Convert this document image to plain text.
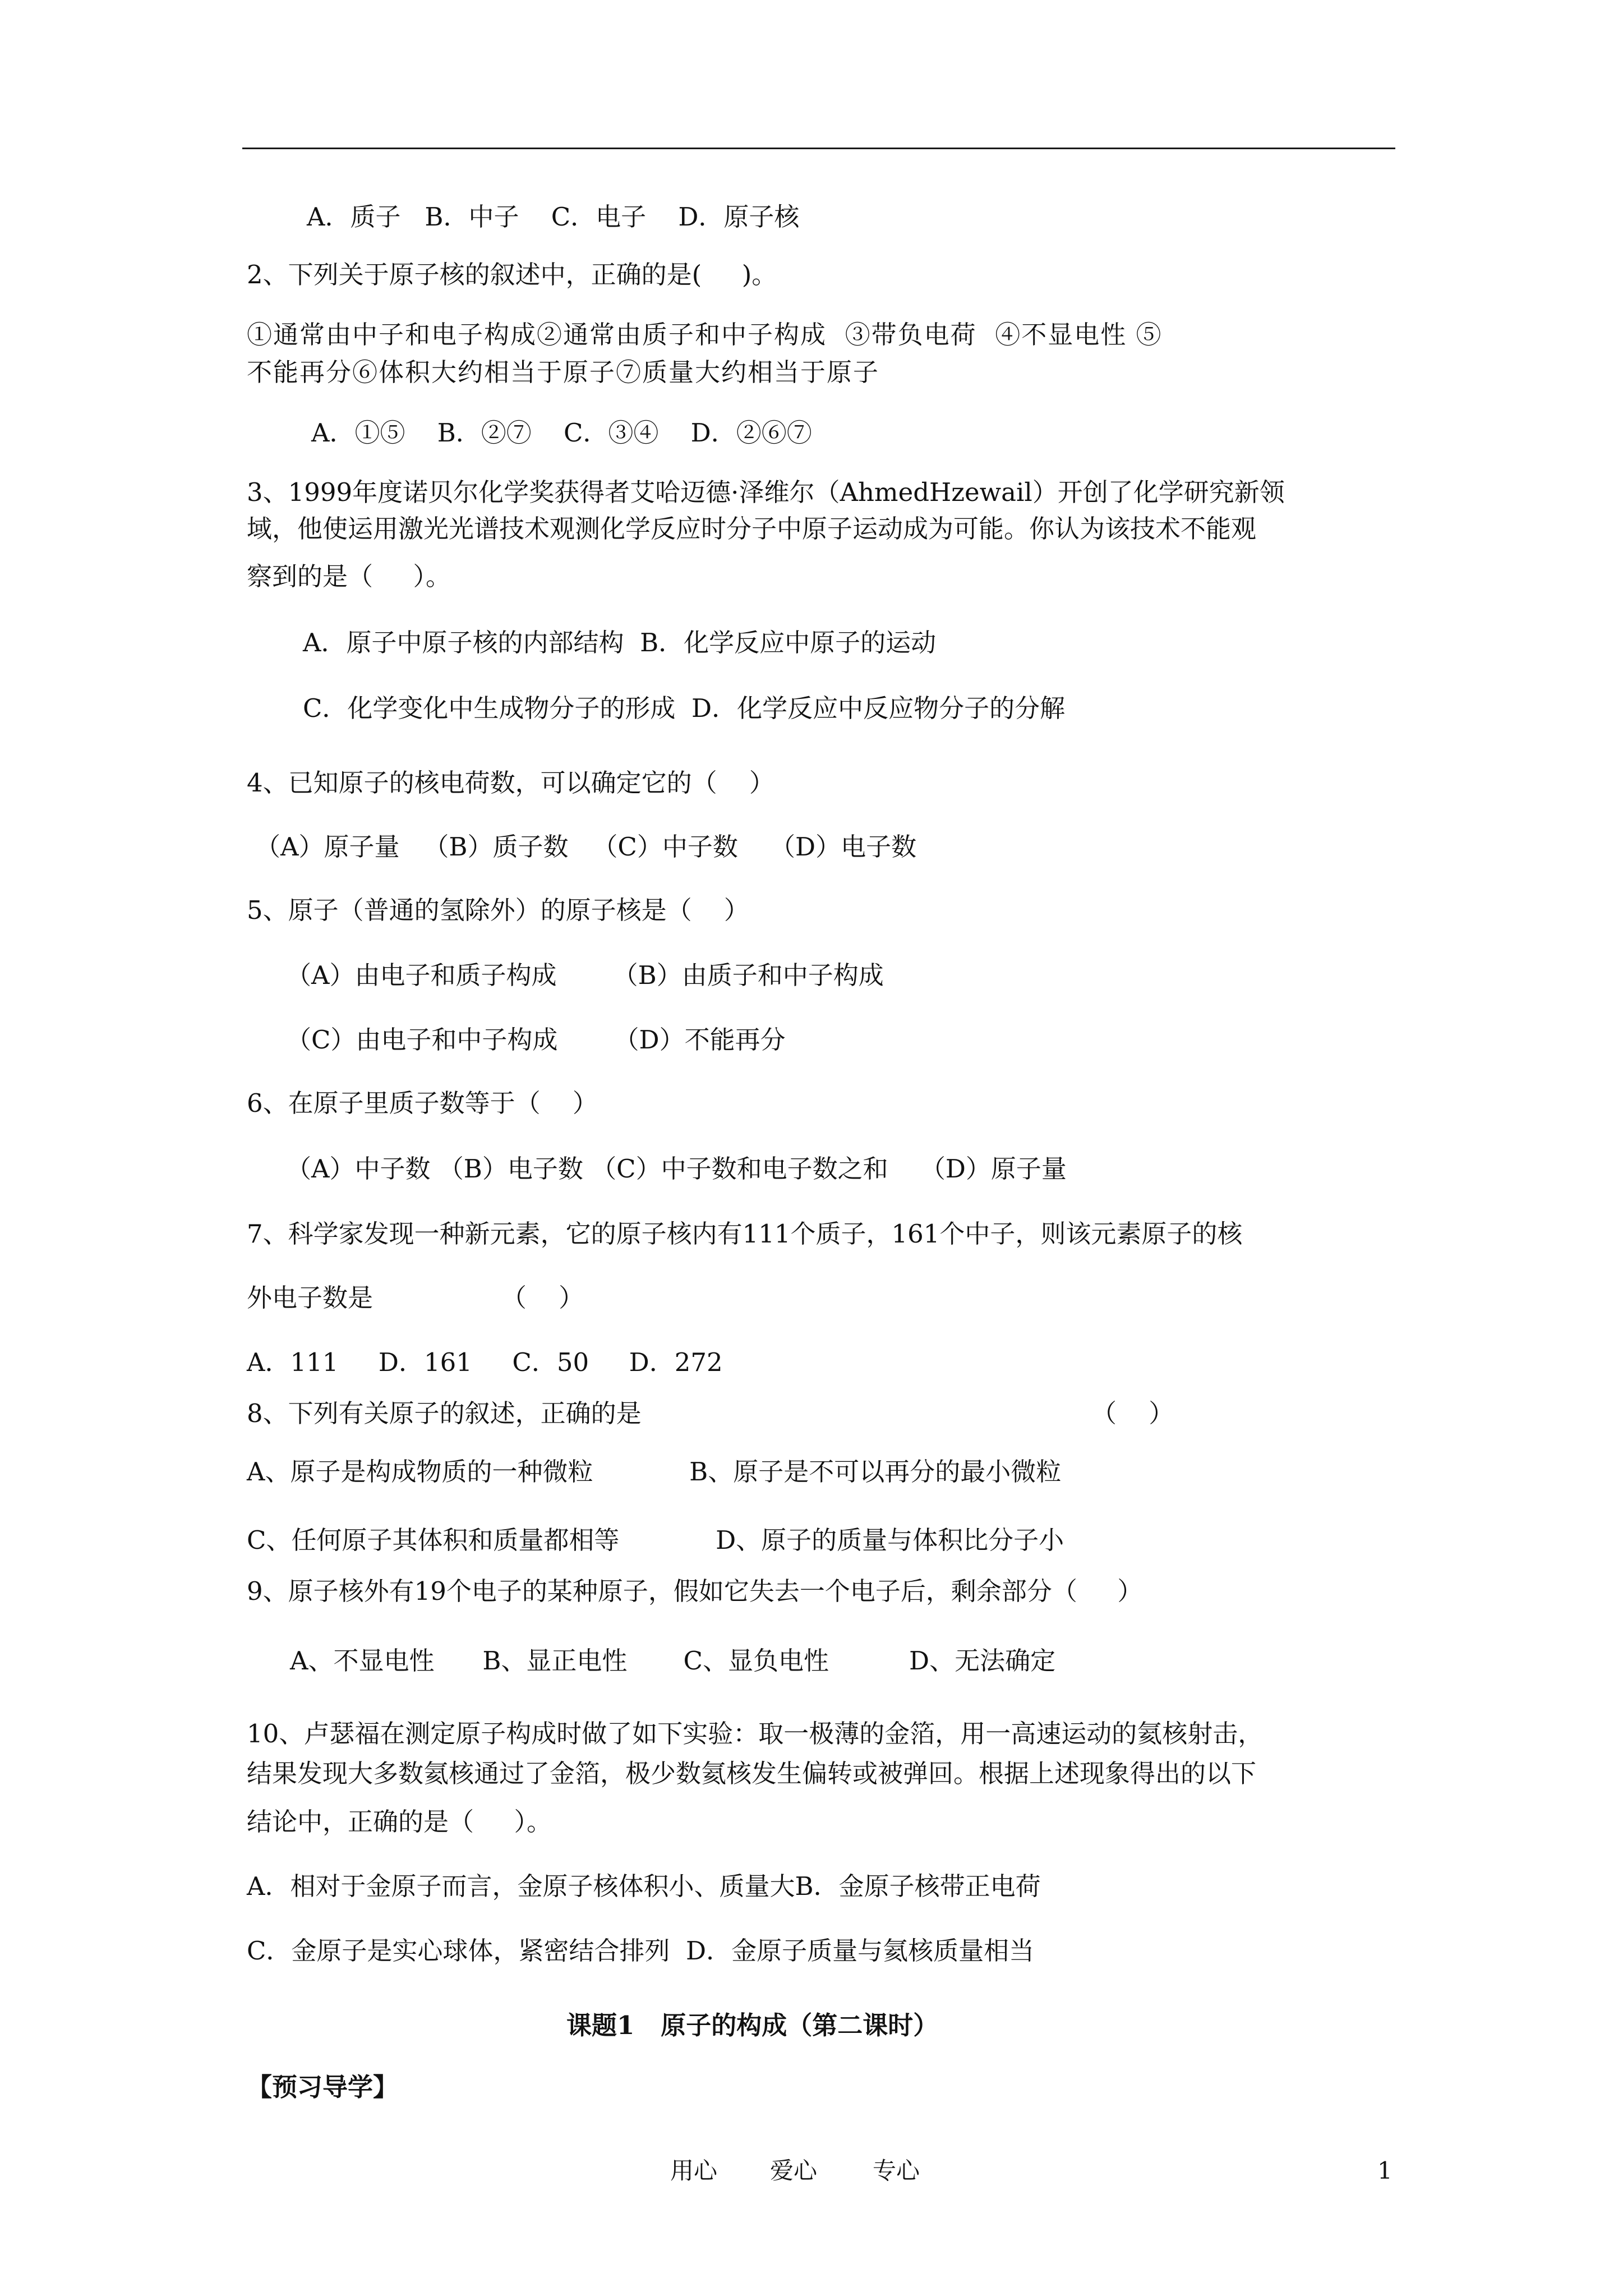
A．质子   B．中子    C．电子    D．原子核
2、下列关于原子核的叙述中，正确的是(     )。
①通常由中子和电子构成②通常由质子和中子构成  ③带负电荷  ④不显电性 ⑤
不能再分⑥体积大约相当于原子⑦质量大约相当于原子
A．①⑤    B．②⑦    C．③④    D．②⑥⑦
3、1999年度诺贝尔化学奖获得者艾哈迈德·泽维尔（AhmedHzewail）开创了化学研究新领
域，他使运用激光光谱技术观测化学反应时分子中原子运动成为可能。你认为该技术不能观
察到的是（     ）。
A．原子中原子核的内部结构  B．化学反应中原子的运动
C．化学变化中生成物分子的形成  D．化学反应中反应物分子的分解
4、已知原子的核电荷数，可以确定它的（    ）
（A）原子量   （B）质子数   （C）中子数    （D）电子数
5、原子（普通的氢除外）的原子核是（    ）
（A）由电子和质子构成       （B）由质子和中子构成
（C）由电子和中子构成       （D）不能再分
6、在原子里质子数等于（    ）
（A）中子数 （B）电子数 （C）中子数和电子数之和    （D）原子量
7、科学家发现一种新元素，它的原子核内有111个质子，161个中子，则该元素原子的核
外电子数是                （    ）
A．111     D．161     C．50     D．272
8、下列有关原子的叙述，正确的是	（    ）
A、原子是构成物质的一种微粒            B、原子是不可以再分的最小微粒
C、任何原子其体积和质量都相等            D、原子的质量与体积比分子小
9、原子核外有19个电子的某种原子，假如它失去一个电子后，剩余部分（     ）
A、不显电性      B、显正电性       C、显负电性          D、无法确定
10、卢瑟福在测定原子构成时做了如下实验：取一极薄的金箔，用一高速运动的氦核射击，
结果发现大多数氦核通过了金箔，极少数氦核发生偏转或被弹回。根据上述现象得出的以下
结论中，正确的是（     ）。
A．相对于金原子而言，金原子核体积小、质量大B．金原子核带正电荷
C．金原子是实心球体，紧密结合排列  D．金原子质量与氦核质量相当
课题1   原子的构成（第二课时）
【预习导学】
用心 爱心 专心	1
